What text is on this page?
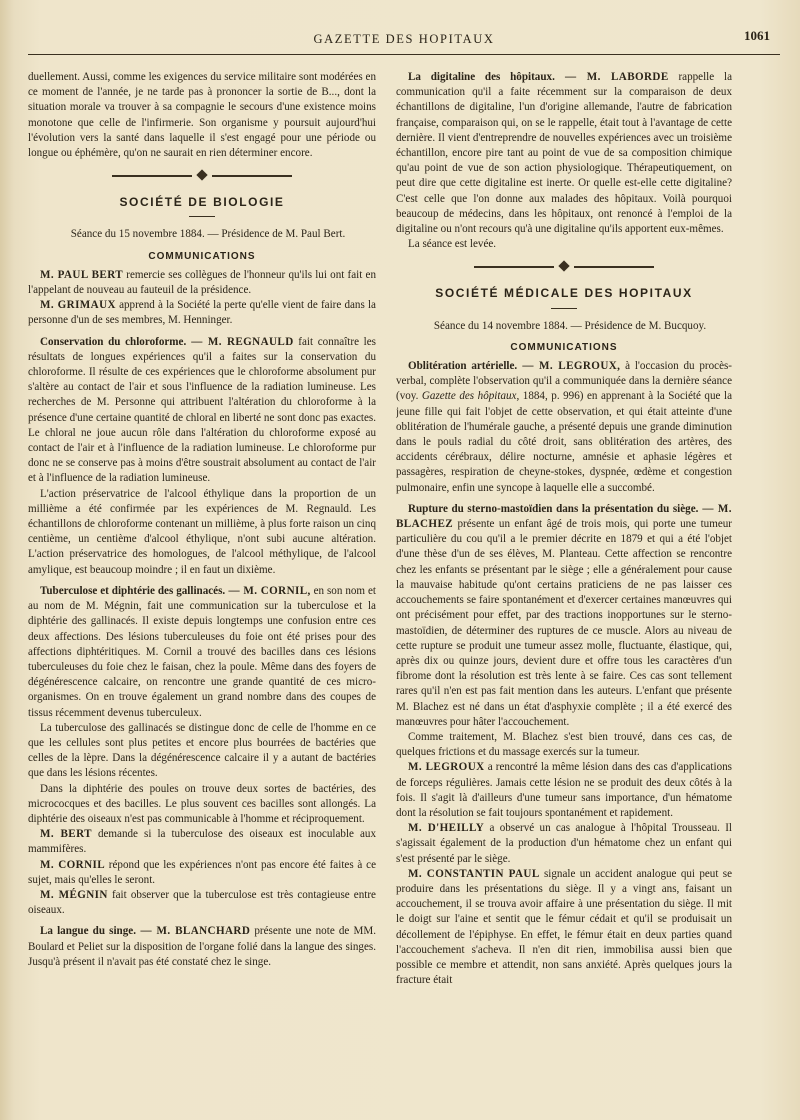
GAZETTE DES HOPITAUX	1061

duellement. Aussi, comme les exigences du service militaire sont modérées en ce moment de l'année, je ne tarde pas à prononcer la sortie de B..., dont la situation morale va trouver à sa compagnie le secours d'une existence moins monotone que celle de l'infirmerie. Son organisme y poursuit aujourd'hui l'évolution vers la santé dans laquelle il s'est engagé pour une période ou longue ou éphémère, qu'on ne saurait en rien déterminer encore.

SOCIÉTÉ DE BIOLOGIE

Séance du 15 novembre 1884. — Présidence de M. Paul Bert.

COMMUNICATIONS

M. PAUL BERT remercie ses collègues de l'honneur qu'ils lui ont fait en l'appelant de nouveau au fauteuil de la présidence.

M. GRIMAUX apprend à la Société la perte qu'elle vient de faire dans la personne d'un de ses membres, M. Henninger.

Conservation du chloroforme. — M. REGNAULD fait connaître les résultats de longues expériences qu'il a faites sur la conservation du chloroforme. Il résulte de ces expériences que le chloroforme absolument pur s'altère au contact de l'air et sous l'influence de la radiation lumineuse. Les recherches de M. Personne qui attribuent l'altération du chloroforme à la présence d'une certaine quantité de chloral en liberté ne sont donc pas exactes. Le chloral ne joue aucun rôle dans l'altération du chloroforme exposé au contact de l'air et à l'influence de la radiation lumineuse. Le chloroforme pur donc ne se conserve pas à moins d'être soustrait absolument au contact de l'air et à l'influence de la radiation lumineuse.

L'action préservatrice de l'alcool éthylique dans la proportion de un millième a été confirmée par les expériences de M. Regnauld. Les échantillons de chloroforme contenant un millième, à plus forte raison un cinq centième, un centième d'alcool éthylique, n'ont subi aucune altération. L'action préservatrice des homologues, de l'alcool méthylique, de l'alcool amylique, est beaucoup moindre ; il en faut un dixième.

Tuberculose et diphtérie des gallinacés. — M. CORNIL, en son nom et au nom de M. Mégnin, fait une communication sur la tuberculose et la diphtérie des gallinacés. Il existe depuis longtemps une confusion entre ces deux affections. Des lésions tuberculeuses du foie ont été prises pour des affections diphtéritiques. M. Cornil a trouvé des bacilles dans ces lésions tuberculeuses du foie chez le faisan, chez la poule. Même dans des foyers de dégénérescence calcaire, on rencontre une grande quantité de ces micro-organismes. On en trouve également un grand nombre dans des coupes de tissus récemment devenus tuberculeux.

La tuberculose des gallinacés se distingue donc de celle de l'homme en ce que les cellules sont plus petites et encore plus bourrées de bactéries que celles de la lèpre. Dans la dégénérescence calcaire il y a autant de bactéries que dans les lésions récentes.

Dans la diphtérie des poules on trouve deux sortes de bactéries, des micrococques et des bacilles. Le plus souvent ces bacilles sont allongés. La diphtérie des oiseaux n'est pas communicable à l'homme et réciproquement.

M. BERT demande si la tuberculose des oiseaux est inoculable aux mammifères.

M. CORNIL répond que les expériences n'ont pas encore été faites à ce sujet, mais qu'elles le seront.

M. MÉGNIN fait observer que la tuberculose est très contagieuse entre oiseaux.

La langue du singe. — M. BLANCHARD présente une note de MM. Boulard et Peliet sur la disposition de l'organe folié dans la langue des singes. Jusqu'à présent il n'avait pas été constaté chez le singe.

La digitaline des hôpitaux. — M. LABORDE rappelle la communication qu'il a faite récemment sur la comparaison de deux échantillons de digitaline, l'un d'origine allemande, l'autre de fabrication française, comparaison qui, on se le rappelle, était tout à l'avantage de cette dernière. Il vient d'entreprendre de nouvelles expériences avec un troisième échantillon, encore pire tant au point de vue de sa composition chimique qu'au point de vue de son action physiologique. Thérapeutiquement, on peut dire que cette digitaline est inerte. Or quelle est-elle cette digitaline? C'est celle que l'on donne aux malades des hôpitaux. Voilà pourquoi beaucoup de médecins, dans les hôpitaux, ont renoncé à l'emploi de la digitaline ou n'ont recours qu'à une digitaline qu'ils apportent eux-mêmes.

La séance est levée.

SOCIÉTÉ MÉDICALE DES HOPITAUX

Séance du 14 novembre 1884. — Présidence de M. Bucquoy.

COMMUNICATIONS

Oblitération artérielle. — M. LEGROUX, à l'occasion du procès-verbal, complète l'observation qu'il a communiquée dans la dernière séance (voy. Gazette des hôpitaux, 1884, p. 996) en apprenant à la Société que la jeune fille qui fait l'objet de cette observation, et qui était atteinte d'une oblitération de l'humérale gauche, a présenté depuis une grande diminution dans le pouls radial du côté droit, sans oblitération des artères, des accidents cérébraux, délire nocturne, amnésie et aphasie légères et passagères, respiration de cheyne-stokes, dyspnée, œdème et congestion pulmonaire, enfin une syncope à laquelle elle a succombé.

Rupture du sterno-mastoïdien dans la présentation du siège. — M. BLACHEZ présente un enfant âgé de trois mois, qui porte une tumeur particulière du cou qu'il a le premier décrite en 1879 et qui a été l'objet d'une thèse d'un de ses élèves, M. Planteau. Cette affection se rencontre chez les enfants se présentant par le siège ; elle a généralement pour cause la mauvaise habitude qu'ont certains praticiens de ne pas laisser ces accouchements se faire spontanément et d'exercer certaines manœuvres qui ont précisément pour effet, par des tractions inopportunes sur le sterno-mastoïdien, de déterminer des ruptures de ce muscle. Alors au niveau de cette rupture se produit une tumeur assez molle, fluctuante, élastique, qui, après dix ou quinze jours, devient dure et offre tous les caractères d'un fibrome dont la résolution est très lente à se faire. Ces cas sont tellement rares qu'il n'en est pas fait mention dans les auteurs. L'enfant que présente M. Blachez est né dans un état d'asphyxie complète ; il a été exercé des manœuvres pour hâter l'accouchement.

Comme traitement, M. Blachez s'est bien trouvé, dans ces cas, de quelques frictions et du massage exercés sur la tumeur.

M. LEGROUX a rencontré la même lésion dans des cas d'applications de forceps régulières. Jamais cette lésion ne se produit des deux côtés à la fois. Il s'agit là d'ailleurs d'une tumeur sans importance, d'un hématome dont la résolution se fait toujours spontanément et rapidement.

M. D'HEILLY a observé un cas analogue à l'hôpital Trousseau. Il s'agissait également de la production d'un hématome chez un enfant qui s'est présenté par le siège.

M. CONSTANTIN PAUL signale un accident analogue qui peut se produire dans les présentations du siège. Il y a vingt ans, faisant un accouchement, il se trouva avoir affaire à une présentation du siège. Il mit le doigt sur l'aine et sentit que le fémur cédait et qu'il se produisait un décollement de l'épiphyse. En effet, le fémur était en deux parties quand l'accouchement s'acheva. Il n'en dit rien, immobilisa aussi bien que possible ce membre et attendit, non sans anxiété. Après quelques jours la fracture était
